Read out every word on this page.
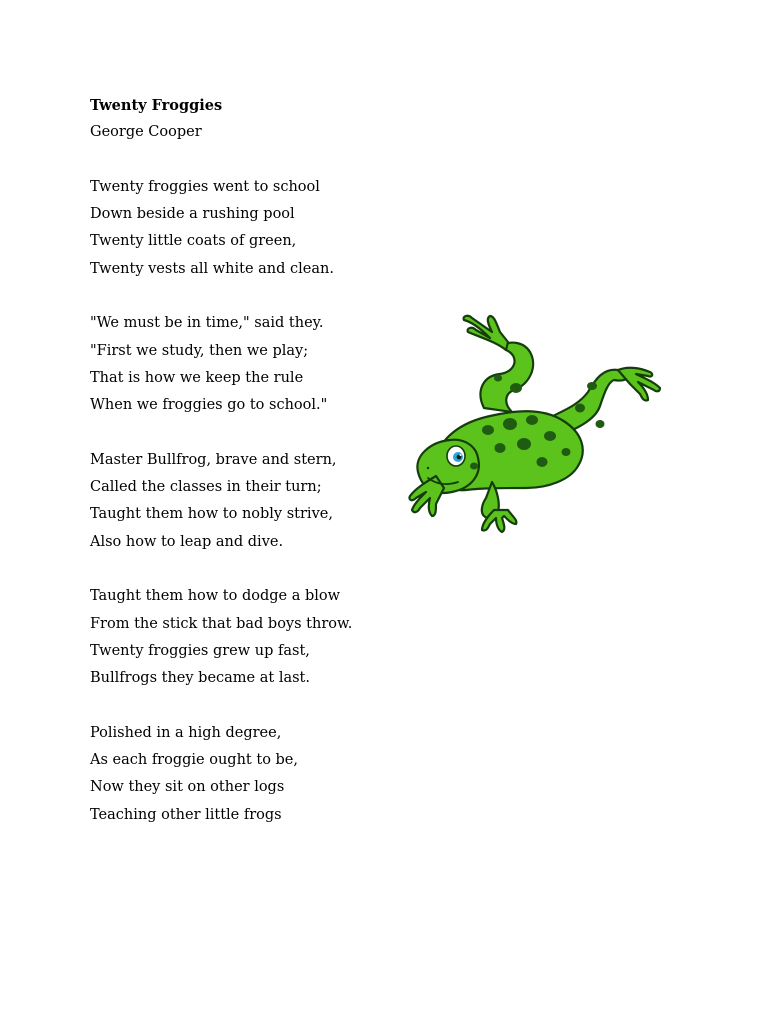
Twenty Froggies

George Cooper

Twenty froggies went to school
Down beside a rushing pool
Twenty little coats of green,
Twenty vests all white and clean.
"We must be in time," said they.
"First we study, then we play;
That is how we keep the rule
When we froggies go to school."
Master Bullfrog, brave and stern,
Called the classes in their turn;
Taught them how to nobly strive,
Also how to leap and dive.
Taught them how to dodge a blow
From the stick that bad boys throw.
Twenty froggies grew up fast,
Bullfrogs they became at last.
Polished in a high degree,
As each froggie ought to be,
Now they sit on other logs
Teaching other little frogs
